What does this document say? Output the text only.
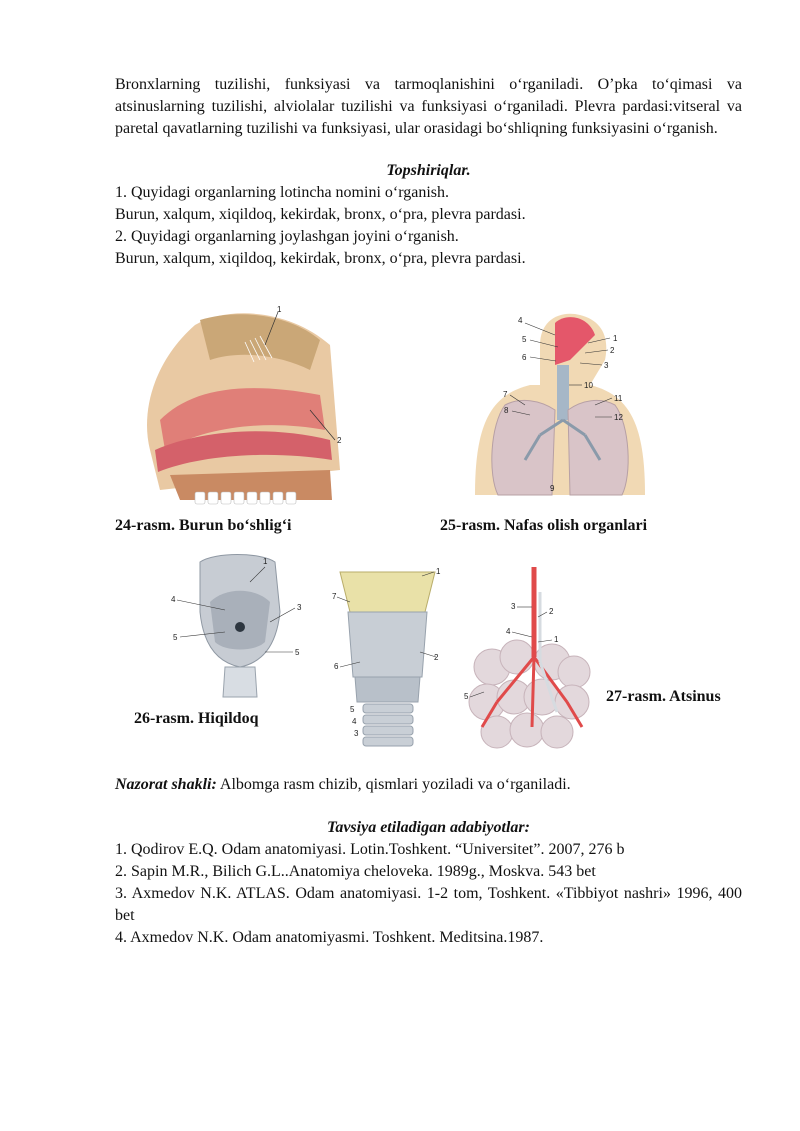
Bronxlarning tuzilishi, funksiyasi va tarmoqlanishini o‘rganiladi. O’pka to‘qimasi va atsinuslarning tuzilishi, alviolalar tuzilishi va funksiyasi o‘rganiladi. Plevra pardasi:vitseral va paretal qavatlarning tuzilishi va funksiyasi, ular orasidagi bo‘shliqning funksiyasini o‘rganish.

Topshiriqlar.

1. Quyidagi organlarning lotincha nomini o‘rganish.

Burun, xalqum, xiqildoq, kekirdak, bronx, o‘pra, plevra pardasi.

2. Quyidagi organlarning joylashgan joyini o‘rganish.

Burun, xalqum, xiqildoq, kekirdak, bronx, o‘pra, plevra pardasi.

1
2
4
5
6
1
2
3
10
7
8
11
12
9
24-rasm. Burun bo‘shlig‘i	25-rasm. Nafas olish organlari
1
4
5
3
5
1
7
2
6
5
4
3
2
3
4
1
5
26-rasm. Hiqildoq
27-rasm. Atsinus

Nazorat shakli: Albomga rasm chizib, qismlari yoziladi va o‘rganiladi.

Tavsiya etiladigan adabiyotlar:

1. Qodirov E.Q. Odam anatomiyasi. Lotin.Toshkent. “Universitet”. 2007, 276 b

2. Sapin M.R., Bilich G.L..Anatomiya cheloveka. 1989g., Moskva. 543 bet

3. Axmedov N.K. ATLAS. Odam anatomiyasi. 1-2 tom, Toshkent. «Tibbiyot nashri» 1996, 400 bet

4. Axmedov N.K. Odam anatomiyasmi. Toshkent. Meditsina.1987.
